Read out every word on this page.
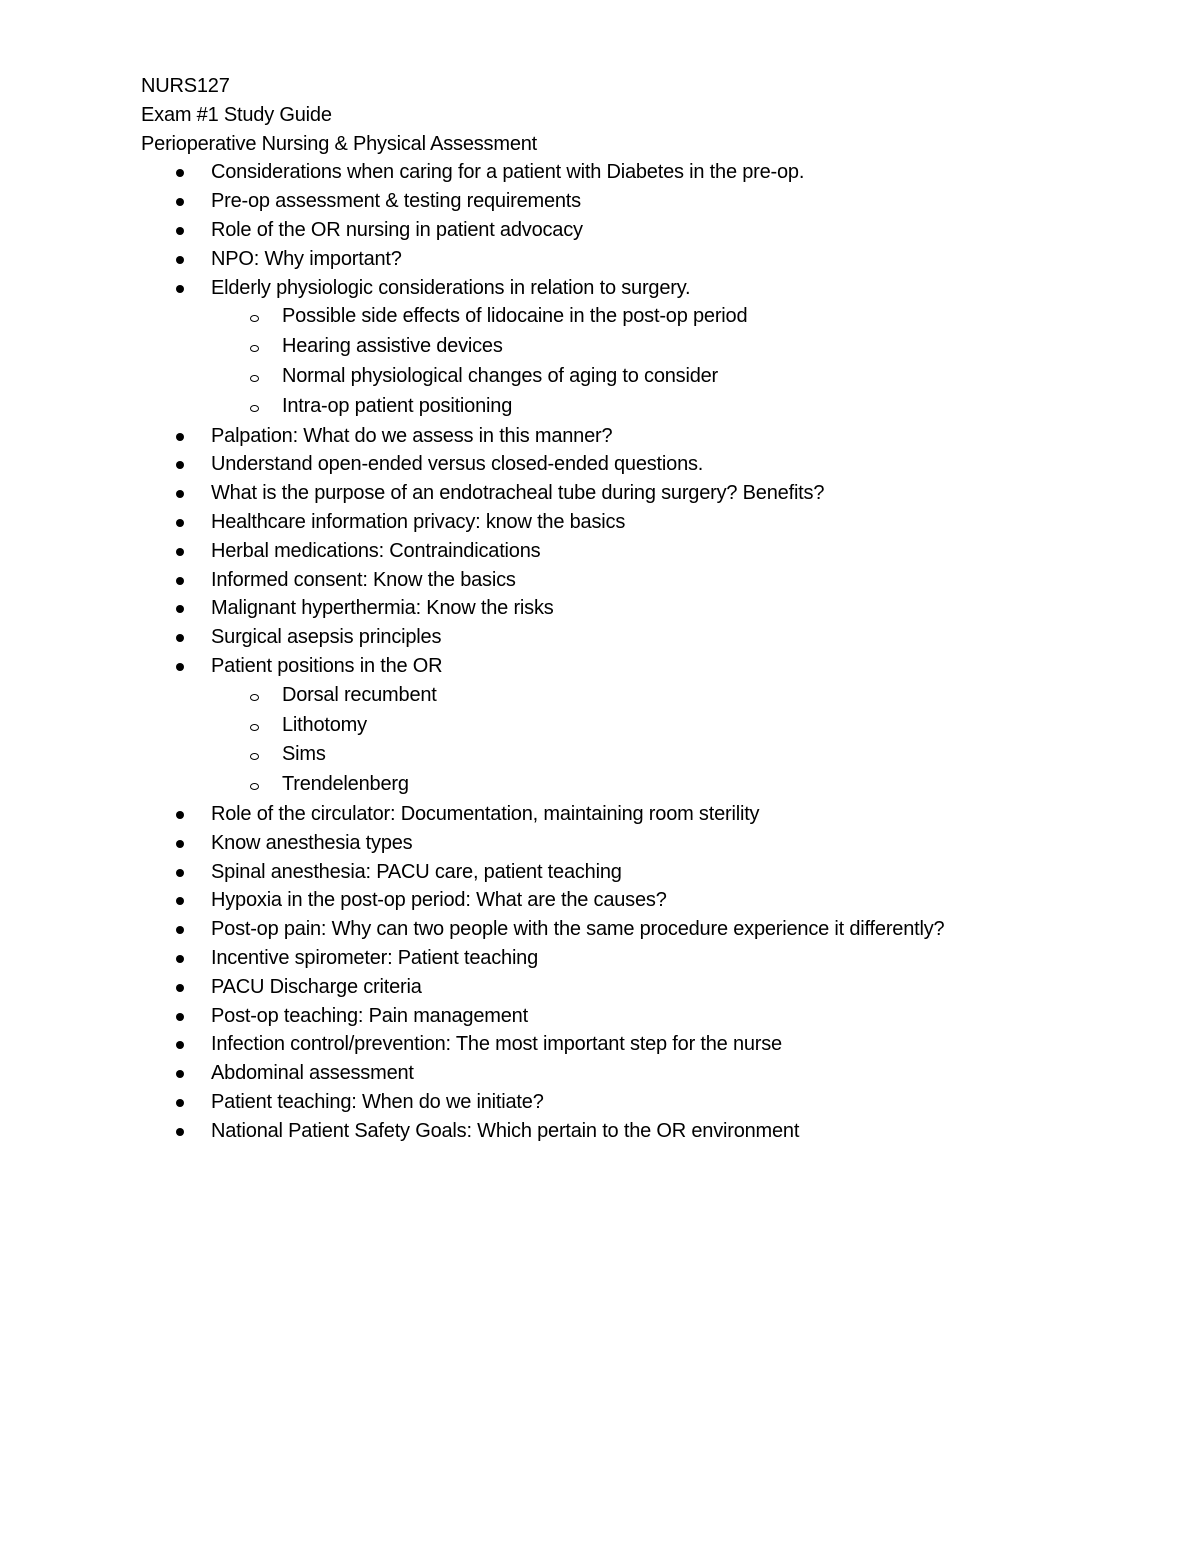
NURS127
Exam #1 Study Guide
Perioperative Nursing & Physical Assessment
Considerations when caring for a patient with Diabetes in the pre-op.
Pre-op assessment & testing requirements
Role of the OR nursing in patient advocacy
NPO: Why important?
Elderly physiologic considerations in relation to surgery.
Possible side effects of lidocaine in the post-op period
Hearing assistive devices
Normal physiological changes of aging to consider
Intra-op patient positioning
Palpation: What do we assess in this manner?
Understand open-ended versus closed-ended questions.
What is the purpose of an endotracheal tube during surgery? Benefits?
Healthcare information privacy: know the basics
Herbal medications: Contraindications
Informed consent: Know the basics
Malignant hyperthermia: Know the risks
Surgical asepsis principles
Patient positions in the OR
Dorsal recumbent
Lithotomy
Sims
Trendelenberg
Role of the circulator: Documentation, maintaining room sterility
Know anesthesia types
Spinal anesthesia: PACU care, patient teaching
Hypoxia in the post-op period: What are the causes?
Post-op pain: Why can two people with the same procedure experience it differently?
Incentive spirometer: Patient teaching
PACU Discharge criteria
Post-op teaching: Pain management
Infection control/prevention: The most important step for the nurse
Abdominal assessment
Patient teaching: When do we initiate?
National Patient Safety Goals: Which pertain to the OR environment
